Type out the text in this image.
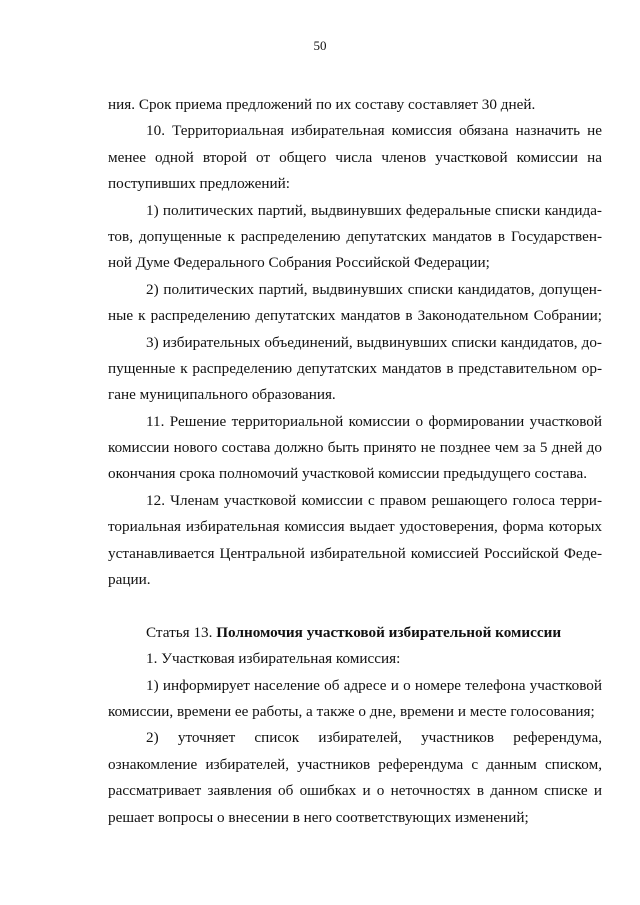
50
ния. Срок приема предложений по их составу составляет 30 дней.
10. Территориальная избирательная комиссия обязана назначить не
менее одной второй от общего числа членов участковой комиссии на
поступивших предложений:
1) политических партий, выдвинувших федеральные списки кандида-
тов, допущенные к распределению депутатских мандатов в Государствен-
ной Думе Федерального Собрания Российской Федерации;
2) политических партий, выдвинувших списки кандидатов, допущен-
ные к распределению депутатских мандатов в Законодательном Собрании;
3) избирательных объединений, выдвинувших списки кандидатов, до-
пущенные к распределению депутатских мандатов в представительном ор-
гане муниципального образования.
11. Решение территориальной комиссии о формировании участковой
комиссии нового состава должно быть принято не позднее чем за 5 дней до
окончания срока полномочий участковой комиссии предыдущего состава.
12. Членам участковой комиссии с правом решающего голоса терри-
ториальная избирательная комиссия выдает удостоверения, форма которых
устанавливается Центральной избирательной комиссией Российской Феде-
рации.
Статья 13. Полномочия участковой избирательной комиссии
1. Участковая избирательная комиссия:
1) информирует население об адресе и о номере телефона участковой
комиссии, времени ее работы, а также о дне, времени и месте голосования;
2) уточняет список избирателей, участников референдума,
ознакомление избирателей, участников референдума с данным списком,
рассматривает заявления об ошибках и о неточностях в данном списке и
решает вопросы о внесении в него соответствующих изменений;
